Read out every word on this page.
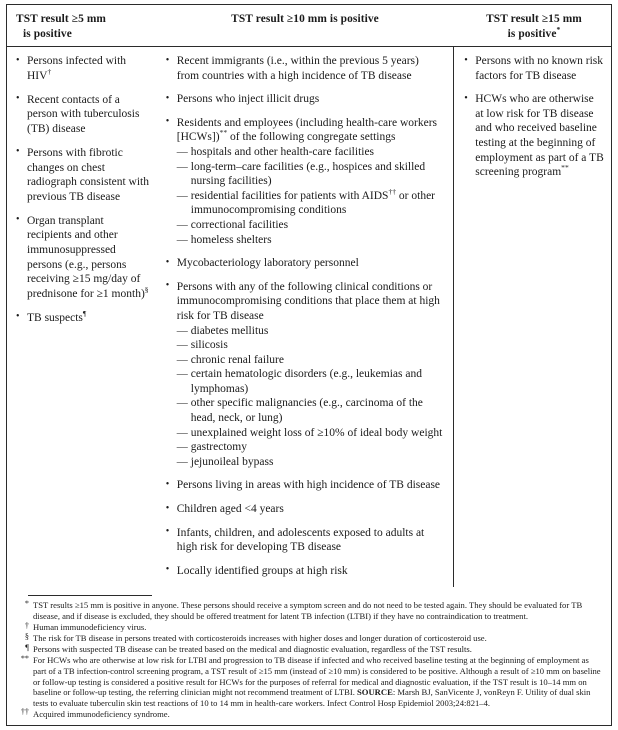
TST result ≥5 mm
is positive
TST result ≥10 mm is positive	TST result ≥15 mm
is positive*
• Persons infected with HIV†
• Recent contacts of a person with tuberculosis (TB) disease
• Persons with fibrotic changes on chest radiograph consistent with previous TB disease
• Organ transplant recipients and other immunosuppressed persons (e.g., persons receiving ≥15 mg/day of prednisone for ≥1 month)§
• TB suspects¶
• Recent immigrants (i.e., within the previous 5 years) from countries with a high incidence of TB disease
• Persons who inject illicit drugs
• Residents and employees (including health-care workers [HCWs])** of the following congregate settings
— hospitals and other health-care facilities
— long-term–care facilities (e.g., hospices and skilled nursing facilities)
— residential facilities for patients with AIDS†† or other immunocompromising conditions
— correctional facilities
— homeless shelters
• Mycobacteriology laboratory personnel
• Persons with any of the following clinical conditions or immunocompromising conditions that place them at high risk for TB disease
— diabetes mellitus
— silicosis
— chronic renal failure
— certain hematologic disorders (e.g., leukemias and lymphomas)
— other specific malignancies (e.g., carcinoma of the head, neck, or lung)
— unexplained weight loss of ≥10% of ideal body weight
— gastrectomy
— jejunoileal bypass
• Persons living in areas with high incidence of TB disease
• Children aged <4 years
• Infants, children, and adolescents exposed to adults at high risk for developing TB disease
• Locally identified groups at high risk
• Persons with no known risk factors for TB disease
• HCWs who are otherwise at low risk for TB disease and who received baseline testing at the beginning of employment as part of a TB screening program**
* TST results ≥15 mm is positive in anyone. These persons should receive a symptom screen and do not need to be tested again. They should be evaluated for TB disease, and if disease is excluded, they should be offered treatment for latent TB infection (LTBI) if they have no contraindication to treatment.
† Human immunodeficiency virus.
§ The risk for TB disease in persons treated with corticosteroids increases with higher doses and longer duration of corticosteroid use.
¶ Persons with suspected TB disease can be treated based on the medical and diagnostic evaluation, regardless of the TST results.
** For HCWs who are otherwise at low risk for LTBI and progression to TB disease if infected and who received baseline testing at the beginning of employment as part of a TB infection-control screening program, a TST result of ≥15 mm (instead of ≥10 mm) is considered to be positive. Although a result of ≥10 mm on baseline or follow-up testing is considered a positive result for HCWs for the purposes of referral for medical and diagnostic evaluation, if the TST result is 10–14 mm on baseline or follow-up testing, the referring clinician might not recommend treatment of LTBI. SOURCE: Marsh BJ, SanVicente J, vonReyn F. Utility of dual skin tests to evaluate tuberculin skin test reactions of 10 to 14 mm in health-care workers. Infect Control Hosp Epidemiol 2003;24:821–4.
†† Acquired immunodeficiency syndrome.
